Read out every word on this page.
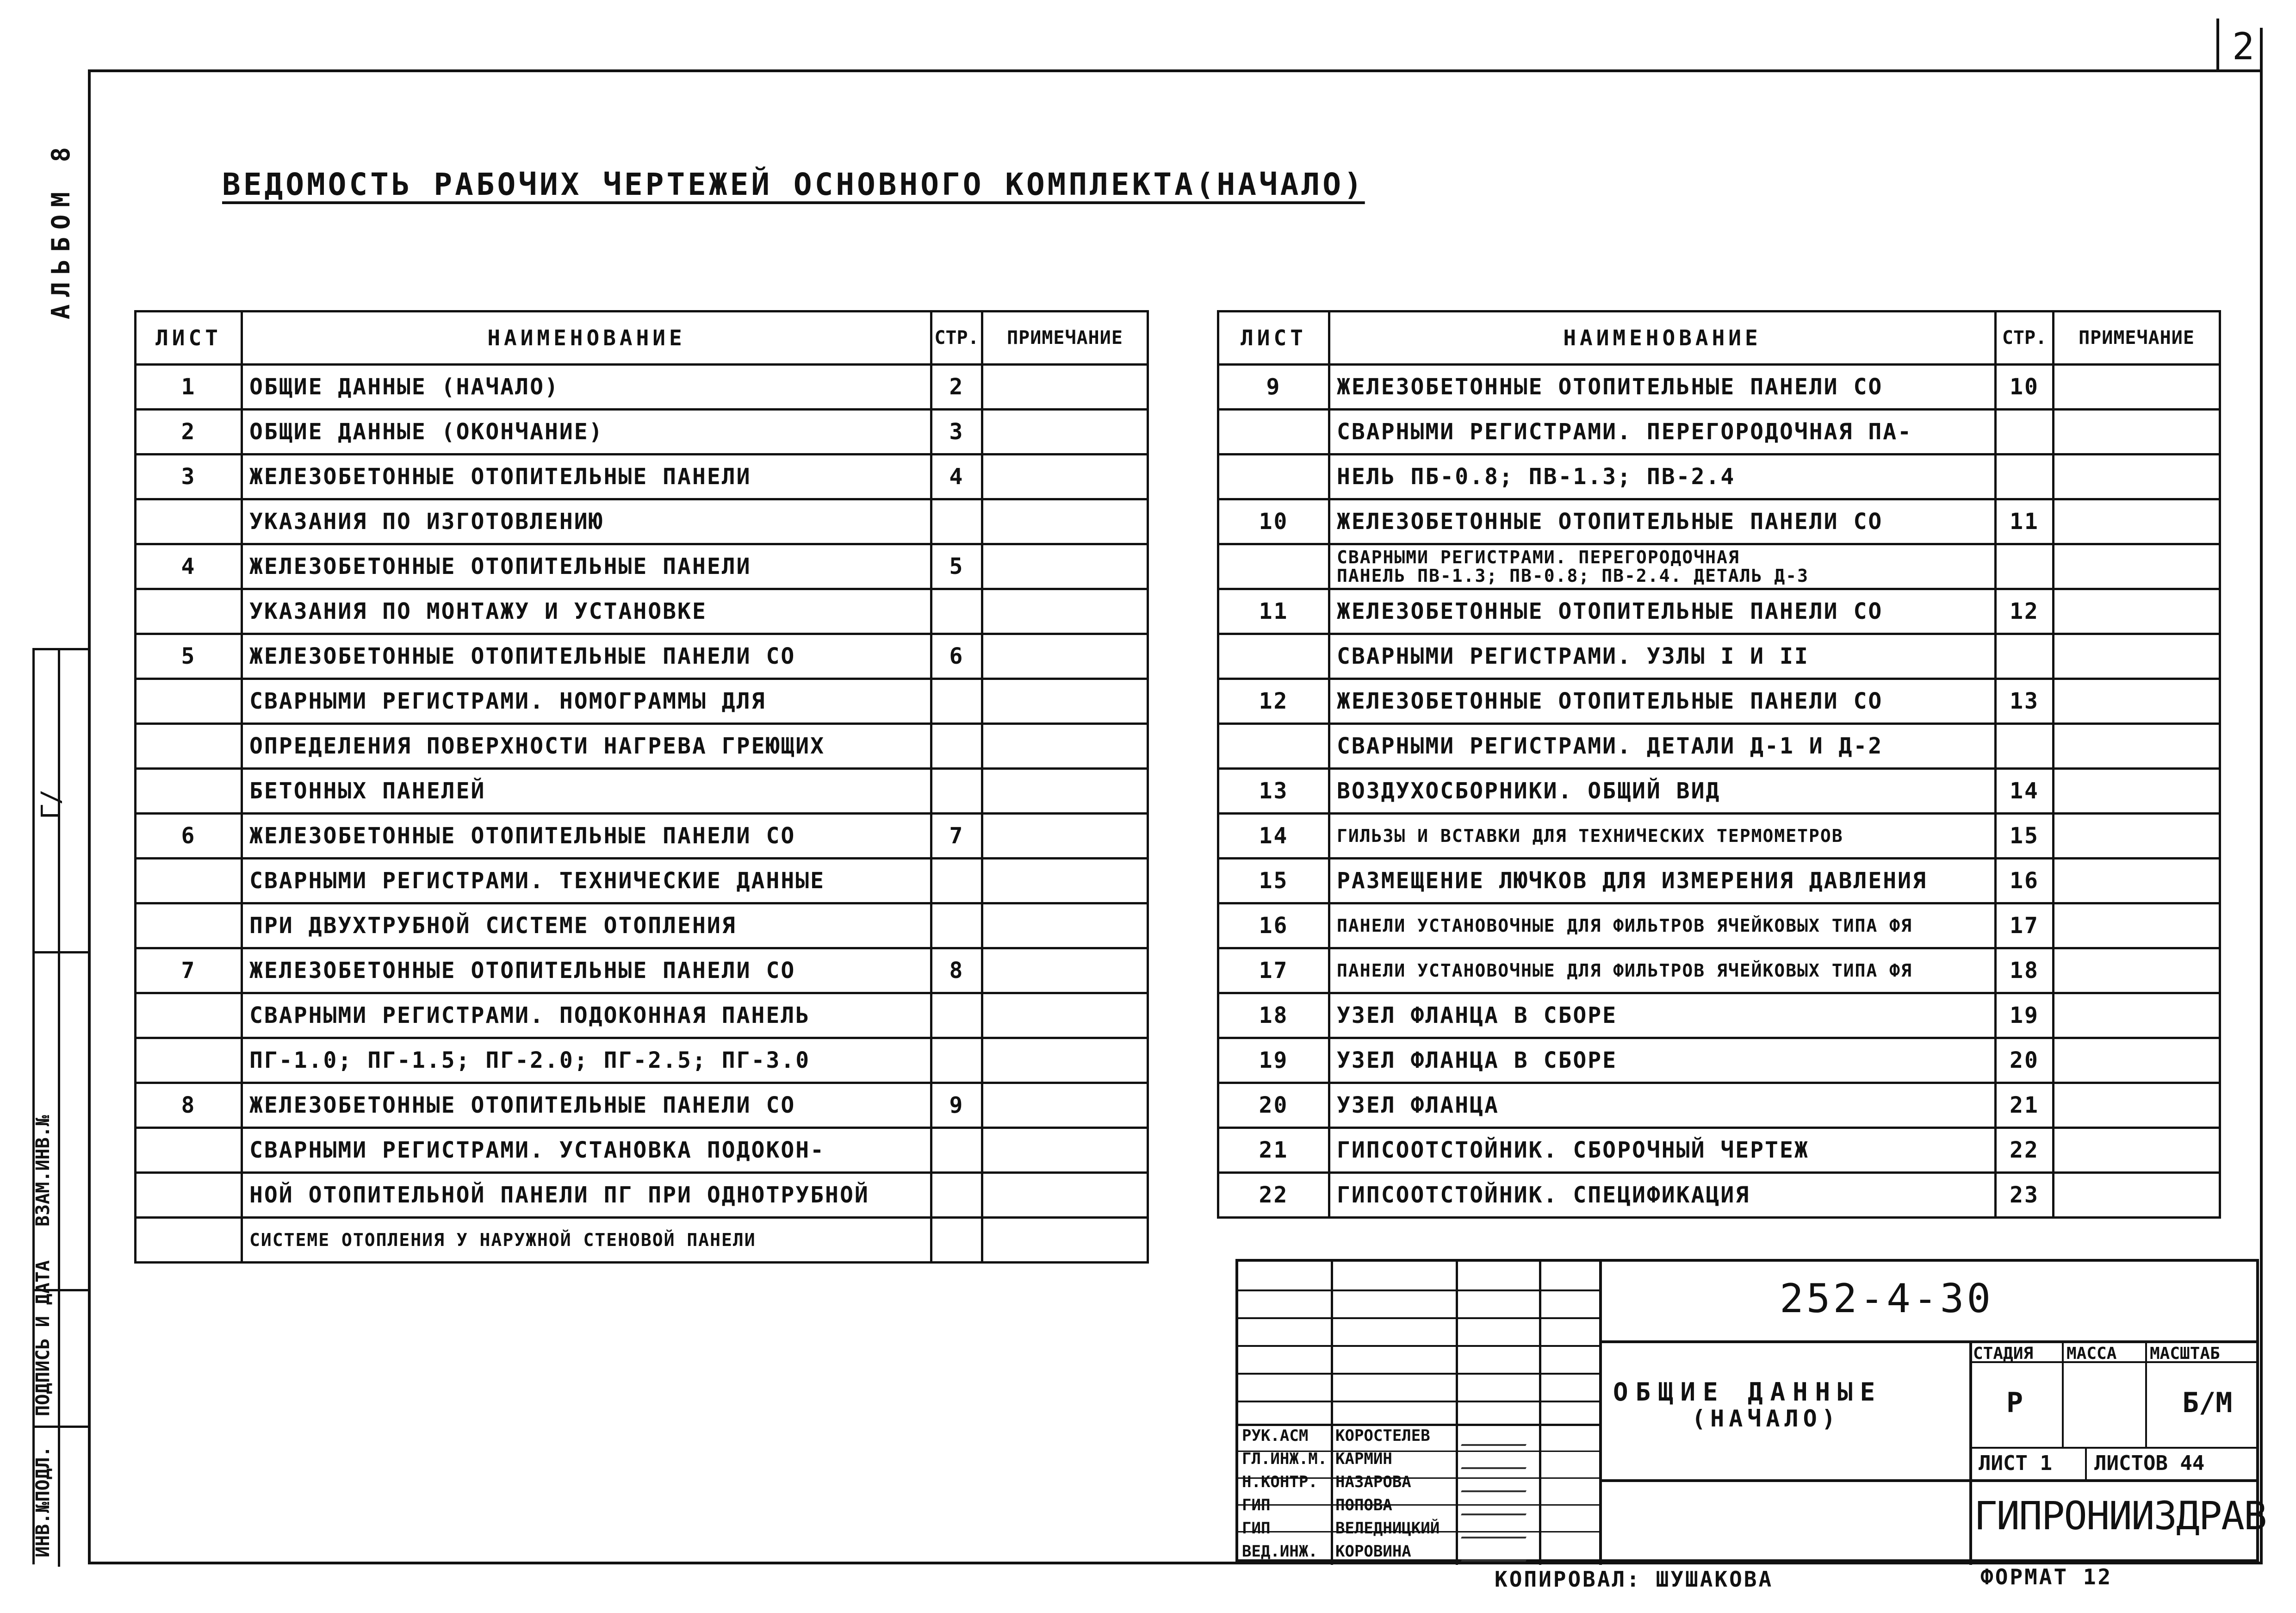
2
АЛЬБОМ 8
ᒥ/
ИНВ.№ПОДЛ.
ПОДПИСЬ И ДАТА
ВЗАМ.ИНВ.№
ВЕДОМОСТЬ РАБОЧИХ ЧЕРТЕЖЕЙ ОСНОВНОГО КОМПЛЕКТА(НАЧАЛО)
ЛИСТ	НАИМЕНОВАНИЕ	СТР.	ПРИМЕЧАНИЕ
1	ОБЩИЕ ДАННЫЕ (НАЧАЛО)	2	
2	ОБЩИЕ ДАННЫЕ (ОКОНЧАНИЕ)	3	
3	ЖЕЛЕЗОБЕТОННЫЕ ОТОПИТЕЛЬНЫЕ ПАНЕЛИ	4	
	УКАЗАНИЯ ПО ИЗГОТОВЛЕНИЮ		
4	ЖЕЛЕЗОБЕТОННЫЕ ОТОПИТЕЛЬНЫЕ ПАНЕЛИ	5	
	УКАЗАНИЯ ПО МОНТАЖУ И УСТАНОВКЕ		
5	ЖЕЛЕЗОБЕТОННЫЕ ОТОПИТЕЛЬНЫЕ ПАНЕЛИ СО	6	
	СВАРНЫМИ РЕГИСТРАМИ. НОМОГРАММЫ ДЛЯ		
	ОПРЕДЕЛЕНИЯ ПОВЕРХНОСТИ НАГРЕВА ГРЕЮЩИХ		
	БЕТОННЫХ ПАНЕЛЕЙ		
6	ЖЕЛЕЗОБЕТОННЫЕ ОТОПИТЕЛЬНЫЕ ПАНЕЛИ СО	7	
	СВАРНЫМИ РЕГИСТРАМИ. ТЕХНИЧЕСКИЕ ДАННЫЕ		
	ПРИ ДВУХТРУБНОЙ СИСТЕМЕ ОТОПЛЕНИЯ		
7	ЖЕЛЕЗОБЕТОННЫЕ ОТОПИТЕЛЬНЫЕ ПАНЕЛИ СО	8	
	СВАРНЫМИ РЕГИСТРАМИ. ПОДОКОННАЯ ПАНЕЛЬ		
	ПГ-1.0; ПГ-1.5; ПГ-2.0; ПГ-2.5; ПГ-3.0		
8	ЖЕЛЕЗОБЕТОННЫЕ ОТОПИТЕЛЬНЫЕ ПАНЕЛИ СО	9	
	СВАРНЫМИ РЕГИСТРАМИ. УСТАНОВКА ПОДОКОН-		
	НОЙ ОТОПИТЕЛЬНОЙ ПАНЕЛИ ПГ ПРИ ОДНОТРУБНОЙ		
	СИСТЕМЕ ОТОПЛЕНИЯ У НАРУЖНОЙ СТЕНОВОЙ ПАНЕЛИ		
ЛИСТ	НАИМЕНОВАНИЕ	СТР.	ПРИМЕЧАНИЕ
9	ЖЕЛЕЗОБЕТОННЫЕ ОТОПИТЕЛЬНЫЕ ПАНЕЛИ СО	10	
	СВАРНЫМИ РЕГИСТРАМИ. ПЕРЕГОРОДОЧНАЯ ПА-		
	НЕЛЬ ПБ-0.8; ПВ-1.3; ПВ-2.4		
10	ЖЕЛЕЗОБЕТОННЫЕ ОТОПИТЕЛЬНЫЕ ПАНЕЛИ СО	11	

	СВАРНЫМИ РЕГИСТРАМИ. ПЕРЕГОРОДОЧНАЯ
ПАНЕЛЬ ПВ-1.3; ПВ-0.8; ПВ-2.4. ДЕТАЛЬ Д-3		

11	ЖЕЛЕЗОБЕТОННЫЕ ОТОПИТЕЛЬНЫЕ ПАНЕЛИ СО	12	
	СВАРНЫМИ РЕГИСТРАМИ. УЗЛЫ I И II		
12	ЖЕЛЕЗОБЕТОННЫЕ ОТОПИТЕЛЬНЫЕ ПАНЕЛИ СО	13	
	СВАРНЫМИ РЕГИСТРАМИ. ДЕТАЛИ Д-1 И Д-2		
13	ВОЗДУХОСБОРНИКИ. ОБЩИЙ ВИД	14	
14	ГИЛЬЗЫ И ВСТАВКИ ДЛЯ ТЕХНИЧЕСКИХ ТЕРМОМЕТРОВ	15	
15	РАЗМЕЩЕНИЕ ЛЮЧКОВ ДЛЯ ИЗМЕРЕНИЯ ДАВЛЕНИЯ	16	
16	ПАНЕЛИ УСТАНОВОЧНЫЕ ДЛЯ ФИЛЬТРОВ ЯЧЕЙКОВЫХ ТИПА ФЯ	17	
17	ПАНЕЛИ УСТАНОВОЧНЫЕ ДЛЯ ФИЛЬТРОВ ЯЧЕЙКОВЫХ ТИПА ФЯ	18	
18	УЗЕЛ ФЛАНЦА В СБОРЕ	19	
19	УЗЕЛ ФЛАНЦА В СБОРЕ	20	
20	УЗЕЛ ФЛАНЦА	21	
21	ГИПСООТСТОЙНИК. СБОРОЧНЫЙ ЧЕРТЕЖ	22	
22	ГИПСООТСТОЙНИК. СПЕЦИФИКАЦИЯ	23	
РУК.АСМ КОРОСТЕЛЕВ
ГЛ.ИНЖ.М. КАРМИН
Н.КОНТР. НАЗАРОВА
ГИП	ПОПОВА
ГИП	ВЕЛЕДНИЦКИЙ
ВЕД.ИНЖ. КОРОВИНА
252-4-30
ОБЩИЕ ДАННЫЕ
(НАЧАЛО)
СТАДИЯ МАССА МАСШТАБ
Р	Б/М
ЛИСТ 1 ЛИСТОВ 44
ГИПРОНИИЗДРАВ
КОПИРОВАЛ: ШУШАКОВА	ФОРМАТ 12
